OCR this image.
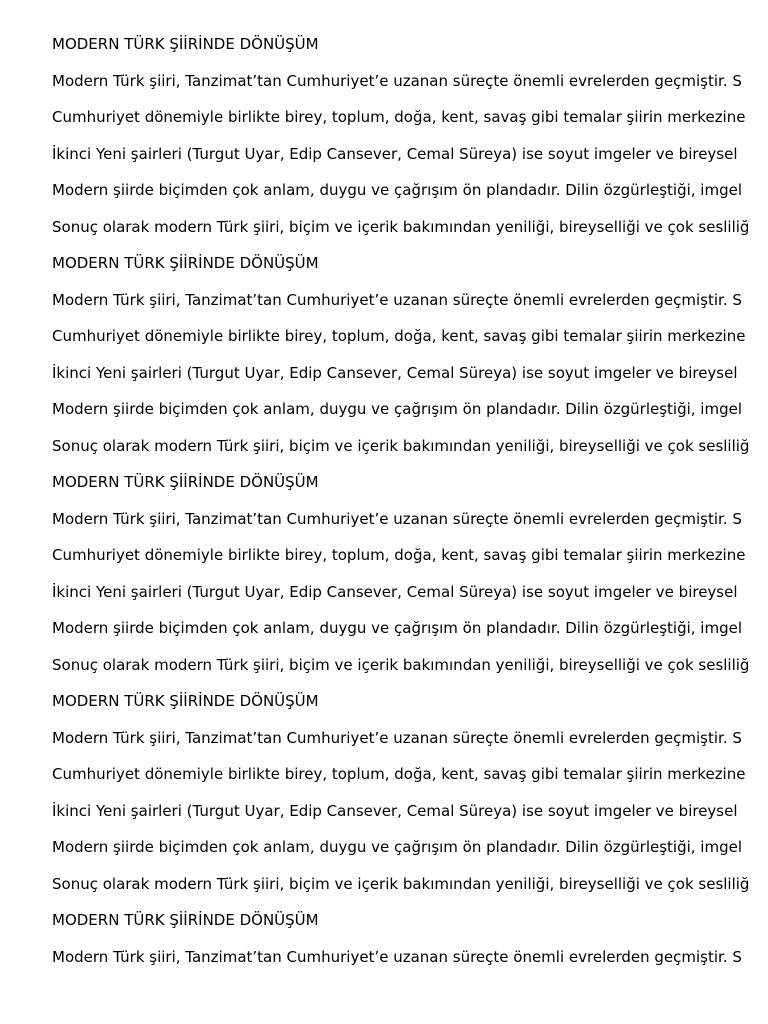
MODERN TÜRK ŞİİRİNDE DÖNÜŞÜM
Modern Türk şiiri, Tanzimat’tan Cumhuriyet’e uzanan süreçte önemli evrelerden geçmiştir. S
Cumhuriyet dönemiyle birlikte birey, toplum, doğa, kent, savaş gibi temalar şiirin merkezine
İkinci Yeni şairleri (Turgut Uyar, Edip Cansever, Cemal Süreya) ise soyut imgeler ve bireysel
Modern şiirde biçimden çok anlam, duygu ve çağrışım ön plandadır. Dilin özgürleştiği, imgel
Sonuç olarak modern Türk şiiri, biçim ve içerik bakımından yeniliği, bireyselliği ve çok sesliliğ
MODERN TÜRK ŞİİRİNDE DÖNÜŞÜM
Modern Türk şiiri, Tanzimat’tan Cumhuriyet’e uzanan süreçte önemli evrelerden geçmiştir. S
Cumhuriyet dönemiyle birlikte birey, toplum, doğa, kent, savaş gibi temalar şiirin merkezine
İkinci Yeni şairleri (Turgut Uyar, Edip Cansever, Cemal Süreya) ise soyut imgeler ve bireysel
Modern şiirde biçimden çok anlam, duygu ve çağrışım ön plandadır. Dilin özgürleştiği, imgel
Sonuç olarak modern Türk şiiri, biçim ve içerik bakımından yeniliği, bireyselliği ve çok sesliliğ
MODERN TÜRK ŞİİRİNDE DÖNÜŞÜM
Modern Türk şiiri, Tanzimat’tan Cumhuriyet’e uzanan süreçte önemli evrelerden geçmiştir. S
Cumhuriyet dönemiyle birlikte birey, toplum, doğa, kent, savaş gibi temalar şiirin merkezine
İkinci Yeni şairleri (Turgut Uyar, Edip Cansever, Cemal Süreya) ise soyut imgeler ve bireysel
Modern şiirde biçimden çok anlam, duygu ve çağrışım ön plandadır. Dilin özgürleştiği, imgel
Sonuç olarak modern Türk şiiri, biçim ve içerik bakımından yeniliği, bireyselliği ve çok sesliliğ
MODERN TÜRK ŞİİRİNDE DÖNÜŞÜM
Modern Türk şiiri, Tanzimat’tan Cumhuriyet’e uzanan süreçte önemli evrelerden geçmiştir. S
Cumhuriyet dönemiyle birlikte birey, toplum, doğa, kent, savaş gibi temalar şiirin merkezine
İkinci Yeni şairleri (Turgut Uyar, Edip Cansever, Cemal Süreya) ise soyut imgeler ve bireysel
Modern şiirde biçimden çok anlam, duygu ve çağrışım ön plandadır. Dilin özgürleştiği, imgel
Sonuç olarak modern Türk şiiri, biçim ve içerik bakımından yeniliği, bireyselliği ve çok sesliliğ
MODERN TÜRK ŞİİRİNDE DÖNÜŞÜM
Modern Türk şiiri, Tanzimat’tan Cumhuriyet’e uzanan süreçte önemli evrelerden geçmiştir. S
